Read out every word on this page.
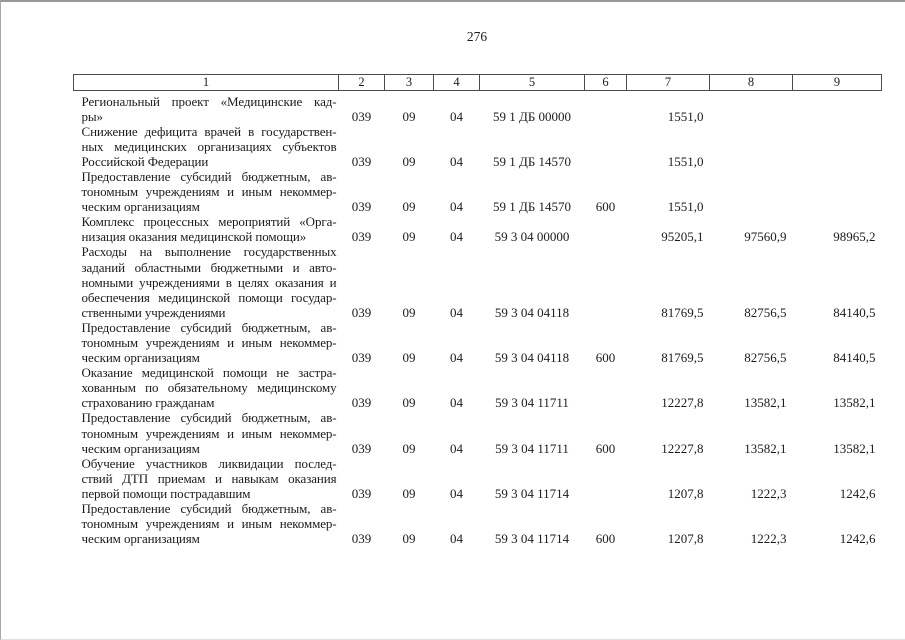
276
1	2	3	4	5	6	7	8	9

Региональный проект «Медицинские кад-
ры»	039	09	04	59 1 ДБ 00000		1551,0		

Снижение дефицита врачей в государствен-
ных медицинских организациях субъектов
Российской Федерации	039	09	04	59 1 ДБ 14570		1551,0		

Предоставление субсидий бюджетным, ав-
тономным учреждениям и иным некоммер-
ческим организациям	039	09	04	59 1 ДБ 14570	600	1551,0		

Комплекс процессных мероприятий «Орга-
низация оказания медицинской помощи»	039	09	04	59 3 04 00000		95205,1	97560,9	98965,2

Расходы на выполнение государственных
заданий областными бюджетными и авто-
номными учреждениями в целях оказания и
обеспечения медицинской помощи государ-
ственными учреждениями	039	09	04	59 3 04 04118		81769,5	82756,5	84140,5

Предоставление субсидий бюджетным, ав-
тономным учреждениям и иным некоммер-
ческим организациям	039	09	04	59 3 04 04118	600	81769,5	82756,5	84140,5

Оказание медицинской помощи не застра-
хованным по обязательному медицинскому
страхованию гражданам	039	09	04	59 3 04 11711		12227,8	13582,1	13582,1

Предоставление субсидий бюджетным, ав-
тономным учреждениям и иным некоммер-
ческим организациям	039	09	04	59 3 04 11711	600	12227,8	13582,1	13582,1

Обучение участников ликвидации послед-
ствий ДТП приемам и навыкам оказания
первой помощи пострадавшим	039	09	04	59 3 04 11714		1207,8	1222,3	1242,6

Предоставление субсидий бюджетным, ав-
тономным учреждениям и иным некоммер-
ческим организациям	039	09	04	59 3 04 11714	600	1207,8	1222,3	1242,6
